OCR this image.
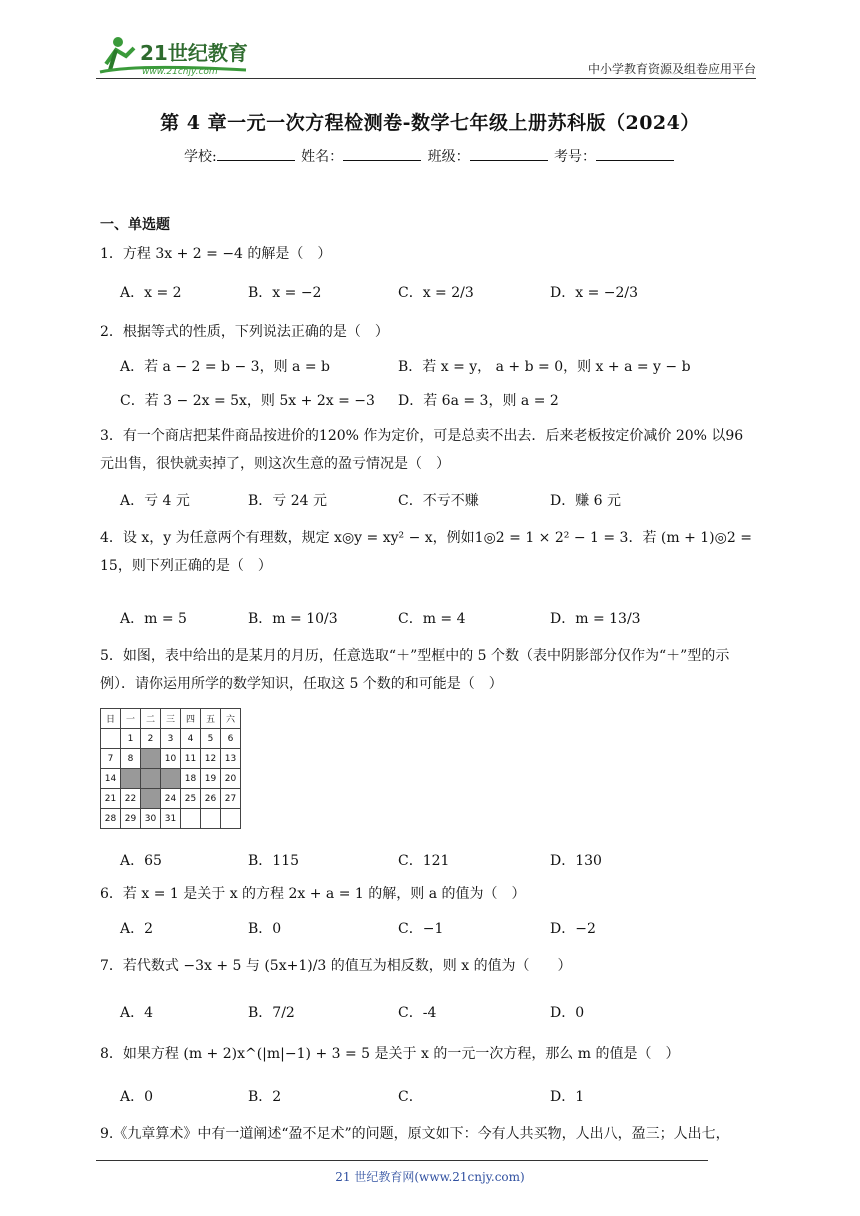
21世纪教育
www.21cnjy.com	中小学教育资源及组卷应用平台
第 4 章一元一次方程检测卷-数学七年级上册苏科版（2024）
学校:	姓名：	班级：	考号：
一、单选题
1．方程 3x + 2 = −4 的解是（　）
A．x = 2	B．x = −2	C．x = 2/3	D．x = −2/3
2．根据等式的性质，下列说法正确的是（　）
A．若 a − 2 = b − 3，则 a = b	B．若 x = y， a + b = 0，则 x + a = y − b
C．若 3 − 2x = 5x，则 5x + 2x = −3 D．若 6a = 3，则 a = 2
3．有一个商店把某件商品按进价的120% 作为定价，可是总卖不出去．后来老板按定价减价 20% 以96 元出售，很快就卖掉了，则这次生意的盈亏情况是（　）
A．亏 4 元	B．亏 24 元	C．不亏不赚	D．赚 6 元
4．设 x，y 为任意两个有理数，规定 x◎y = xy² − x，例如1◎2 = 1 × 2² − 1 = 3．若 (m + 1)◎2 = 15，则下列正确的是（　）
A．m = 5	B．m = 10/3	C．m = 4	D．m = 13/3
5．如图，表中给出的是某月的月历，任意选取“＋”型框中的 5 个数（表中阴影部分仅作为“＋”型的示例）．请你运用所学的数学知识，任取这 5 个数的和可能是（　）
日	一	二	三	四	五	六
	1	2	3	4	5	6
7	8		10	11	12	13
14				18	19	20
21	22		24	25	26	27
28	29	30	31			
A．65	B．115	C．121	D．130
6．若 x = 1 是关于 x 的方程 2x + a = 1 的解，则 a 的值为（　）
A．2	B．0	C．−1	D．−2
7．若代数式 −3x + 5 与 (5x+1)/3 的值互为相反数，则 x 的值为（　　）
A．4	B．7/2	C．-4	D．0
8．如果方程 (m + 2)x^(|m|−1) + 3 = 5 是关于 x 的一元一次方程，那么 m 的值是（　）
A．0	B．2	C．	D．1
9.《九章算术》中有一道阐述“盈不足术”的问题，原文如下：今有人共买物，人出八，盈三；人出七，
21 世纪教育网(www.21cnjy.com)
